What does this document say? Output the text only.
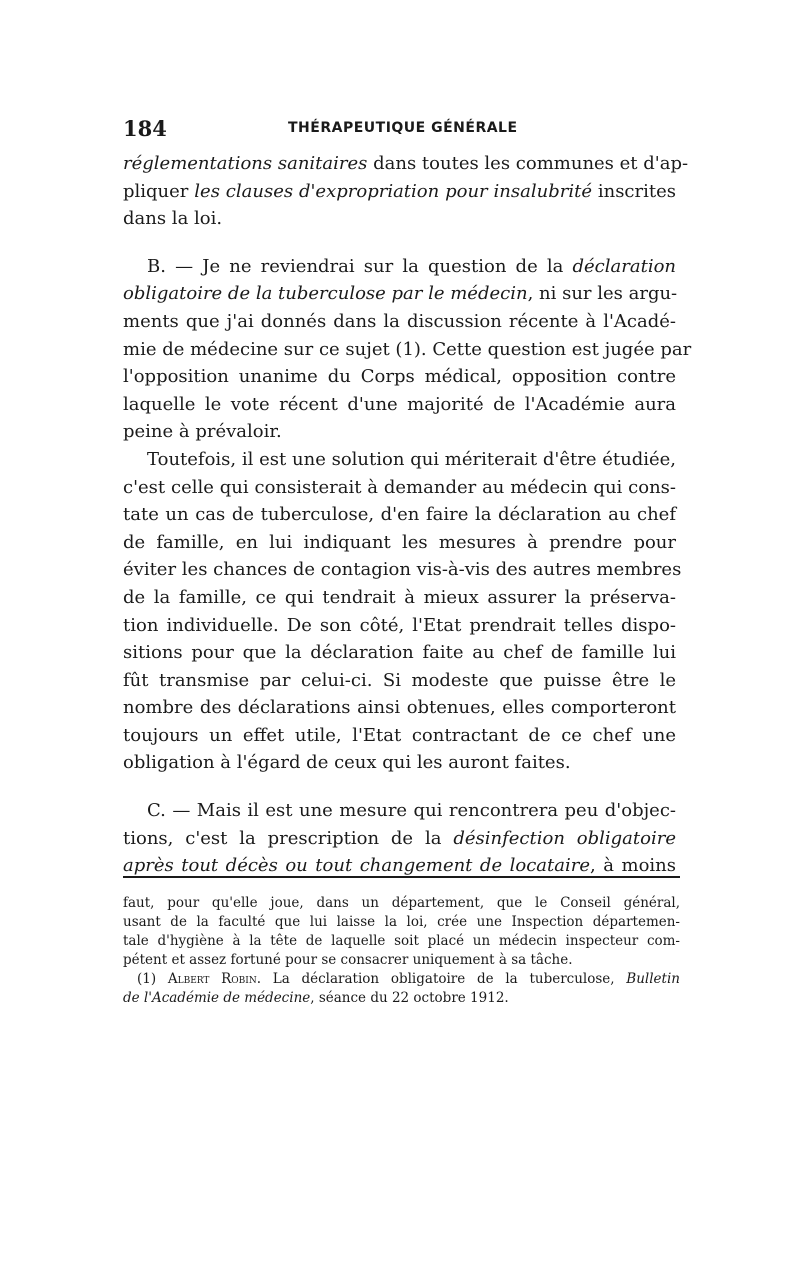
184	THÉRAPEUTIQUE GÉNÉRALE
réglementations sanitaires dans toutes les communes et d'ap-
pliquer les clauses d'expropriation pour insalubrité inscrites
dans la loi.
B. — Je ne reviendrai sur la question de la déclaration
obligatoire de la tuberculose par le médecin, ni sur les argu-
ments que j'ai donnés dans la discussion récente à l'Acadé-
mie de médecine sur ce sujet (1). Cette question est jugée par
l'opposition unanime du Corps médical, opposition contre
laquelle le vote récent d'une majorité de l'Académie aura
peine à prévaloir.
Toutefois, il est une solution qui mériterait d'être étudiée,
c'est celle qui consisterait à demander au médecin qui cons-
tate un cas de tuberculose, d'en faire la déclaration au chef
de famille, en lui indiquant les mesures à prendre pour
éviter les chances de contagion vis-à-vis des autres membres
de la famille, ce qui tendrait à mieux assurer la préserva-
tion individuelle. De son côté, l'Etat prendrait telles dispo-
sitions pour que la déclaration faite au chef de famille lui
fût transmise par celui-ci. Si modeste que puisse être le
nombre des déclarations ainsi obtenues, elles comporteront
toujours un effet utile, l'Etat contractant de ce chef une
obligation à l'égard de ceux qui les auront faites.
C. — Mais il est une mesure qui rencontrera peu d'objec-
tions, c'est la prescription de la désinfection obligatoire
après tout décès ou tout changement de locataire, à moins
faut, pour qu'elle joue, dans un département, que le Conseil général,
usant de la faculté que lui laisse la loi, crée une Inspection départemen-
tale d'hygiène à la tête de laquelle soit placé un médecin inspecteur com-
pétent et assez fortuné pour se consacrer uniquement à sa tâche.
(1) Albert Robin. La déclaration obligatoire de la tuberculose, Bulletin
de l'Académie de médecine, séance du 22 octobre 1912.
